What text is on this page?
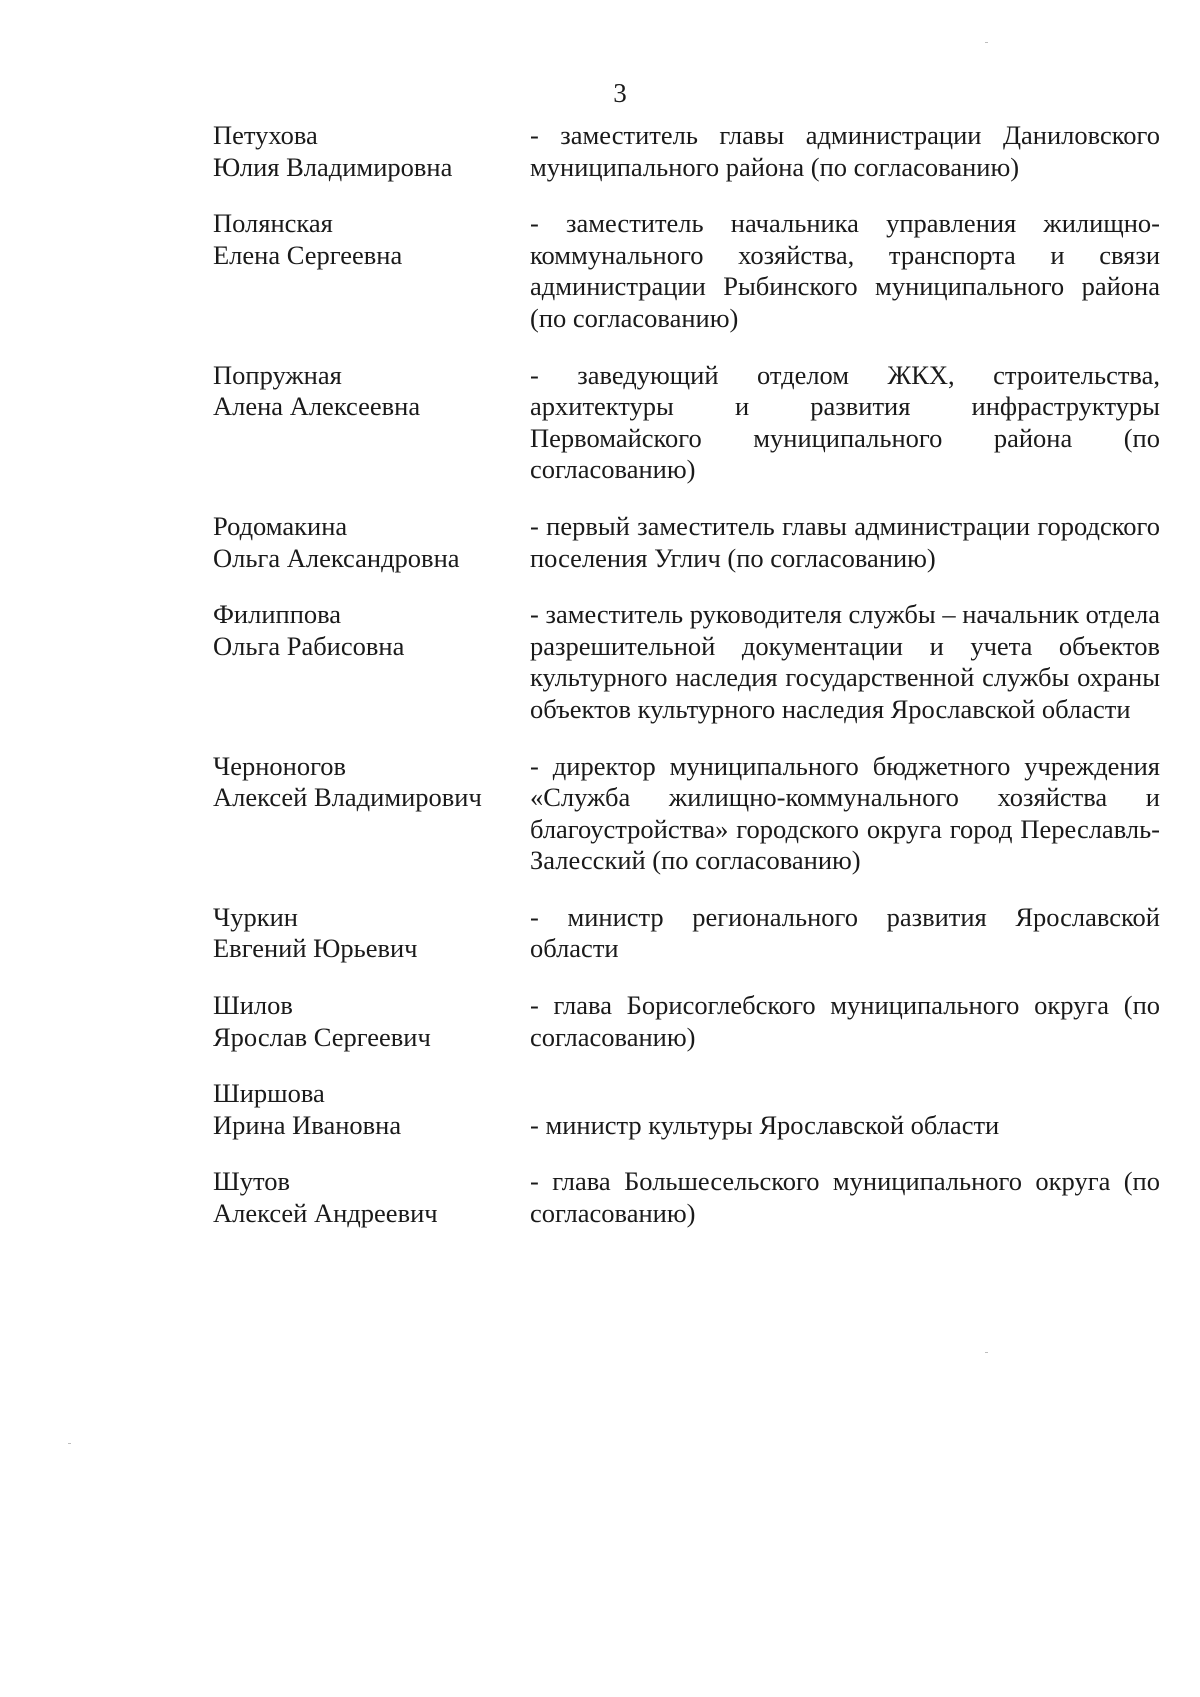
3
Петухова
Юлия Владимировна
- заместитель главы администрации Даниловского муниципального района (по согласованию)
Полянская
Елена Сергеевна
- заместитель начальника управления жилищно-коммунального хозяйства, транспорта и связи администрации Рыбинского муниципального района (по согласованию)
Попружная
Алена Алексеевна
- заведующий отделом ЖКХ, строительства, архитектуры и развития инфраструктуры Первомайского муниципального района (по согласованию)
Родомакина
Ольга Александровна
- первый заместитель главы администрации городского поселения Углич (по согласованию)
Филиппова
Ольга Рабисовна
- заместитель руководителя службы – начальник отдела разрешительной документации и учета объектов культурного наследия государственной службы охраны объектов культурного наследия Ярославской области
Черноногов
Алексей Владимирович
- директор муниципального бюджетного учреждения «Служба жилищно-коммунального хозяйства и благоустройства» городского округа город Переславль-Залесский (по согласованию)
Чуркин
Евгений Юрьевич
- министр регионального развития Ярославской области
Шилов
Ярослав Сергеевич
- глава Борисоглебского муниципального округа (по согласованию)
Ширшова
Ирина Ивановна	- министр культуры Ярославской области
Шутов
Алексей Андреевич
- глава Большесельского муниципального округа (по согласованию)
